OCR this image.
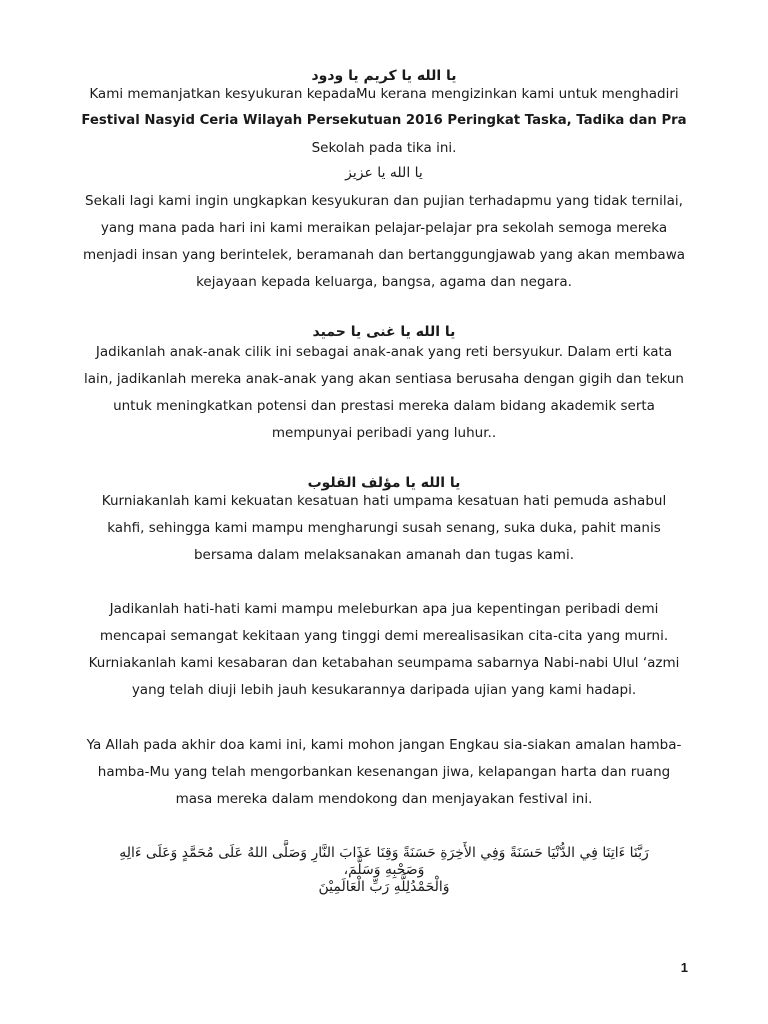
يا الله يا كريم يا ودود
Kami memanjatkan kesyukuran kepadaMu kerana mengizinkan kami untuk menghadiri
Festival Nasyid Ceria Wilayah Persekutuan 2016 Peringkat Taska, Tadika dan Pra
Sekolah pada tika ini.
يا الله يا عزيز
Sekali lagi kami ingin ungkapkan kesyukuran dan pujian terhadapmu yang tidak ternilai,
yang mana pada hari ini kami meraikan pelajar-pelajar pra sekolah semoga mereka
menjadi insan yang berintelek, beramanah dan bertanggungjawab yang akan membawa
kejayaan kepada keluarga, bangsa, agama dan negara.
يا الله يا غنى يا حميد
Jadikanlah anak-anak cilik ini sebagai anak-anak yang reti bersyukur. Dalam erti kata
lain, jadikanlah mereka anak-anak yang akan sentiasa berusaha dengan gigih dan tekun
untuk meningkatkan potensi dan prestasi mereka dalam bidang akademik serta
mempunyai peribadi yang luhur..
يا الله يا مؤلف القلوب
Kurniakanlah kami kekuatan kesatuan hati umpama kesatuan hati pemuda ashabul
kahfi, sehingga kami mampu mengharungi susah senang, suka duka, pahit manis
bersama dalam melaksanakan amanah dan tugas kami.
Jadikanlah hati-hati kami mampu meleburkan apa jua kepentingan peribadi demi
mencapai semangat kekitaan yang tinggi demi merealisasikan cita-cita yang murni.
Kurniakanlah kami kesabaran dan ketabahan seumpama sabarnya Nabi-nabi Ulul ‘azmi
yang telah diuji lebih jauh kesukarannya daripada ujian yang kami hadapi.
Ya Allah pada akhir doa kami ini, kami mohon jangan Engkau sia-siakan amalan hamba-
hamba-Mu yang telah mengorbankan kesenangan jiwa, kelapangan harta dan ruang
masa mereka dalam mendokong dan menjayakan festival ini.
رَبَّنَا ءَاتِنَا فِي الدُّنْيَا حَسَنَةً وَفِي الأَخِرَةِ حَسَنَةً وَقِنَا عَذَابَ النَّارِ وَصَلَّى اللهُ عَلَى مُحَمَّدٍ وَعَلَى ءَالِهِ
وَصَحْبِهِ وَسَلَّمَ،
وَالْحَمْدُلِلَّهِ رَبِّ الْعَالَمِيْنَ
1
